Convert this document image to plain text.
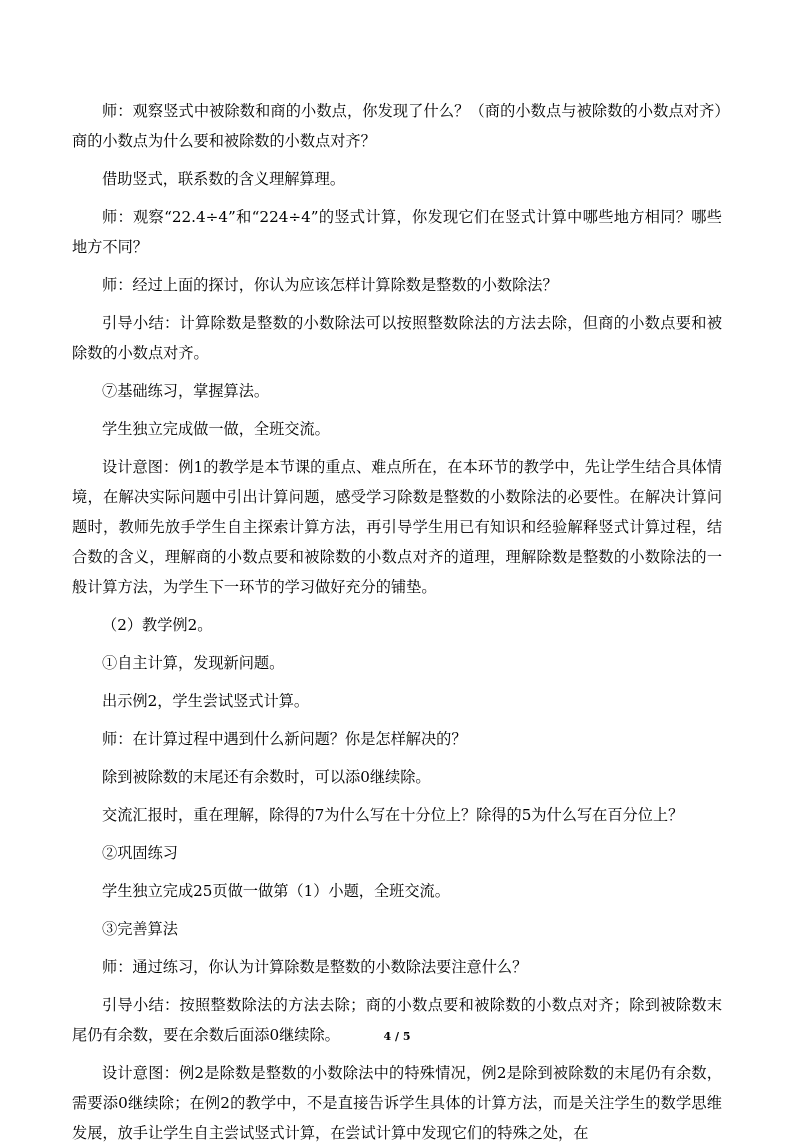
师：观察竖式中被除数和商的小数点，你发现了什么？（商的小数点与被除数的小数点对齐）商的小数点为什么要和被除数的小数点对齐？

借助竖式，联系数的含义理解算理。

师：观察“22.4÷4”和“224÷4”的竖式计算，你发现它们在竖式计算中哪些地方相同？哪些地方不同？

师：经过上面的探讨，你认为应该怎样计算除数是整数的小数除法？

引导小结：计算除数是整数的小数除法可以按照整数除法的方法去除，但商的小数点要和被除数的小数点对齐。

⑦基础练习，掌握算法。

学生独立完成做一做，全班交流。

设计意图：例1的教学是本节课的重点、难点所在，在本环节的教学中，先让学生结合具体情境，在解决实际问题中引出计算问题，感受学习除数是整数的小数除法的必要性。在解决计算问题时，教师先放手学生自主探索计算方法，再引导学生用已有知识和经验解释竖式计算过程，结合数的含义，理解商的小数点要和被除数的小数点对齐的道理，理解除数是整数的小数除法的一般计算方法，为学生下一环节的学习做好充分的铺垫。

（2）教学例2。

①自主计算，发现新问题。

出示例2，学生尝试竖式计算。

师：在计算过程中遇到什么新问题？你是怎样解决的？

除到被除数的末尾还有余数时，可以添0继续除。

交流汇报时，重在理解，除得的7为什么写在十分位上？除得的5为什么写在百分位上？

②巩固练习

学生独立完成25页做一做第（1）小题，全班交流。

③完善算法

师：通过练习，你认为计算除数是整数的小数除法要注意什么？

引导小结：按照整数除法的方法去除；商的小数点要和被除数的小数点对齐；除到被除数末尾仍有余数，要在余数后面添0继续除。

设计意图：例2是除数是整数的小数除法中的特殊情况，例2是除到被除数的末尾仍有余数，需要添0继续除；在例2的教学中，不是直接告诉学生具体的计算方法，而是关注学生的数学思维发展，放手让学生自主尝试竖式计算，在尝试计算中发现它们的特殊之处，在

4 / 5
